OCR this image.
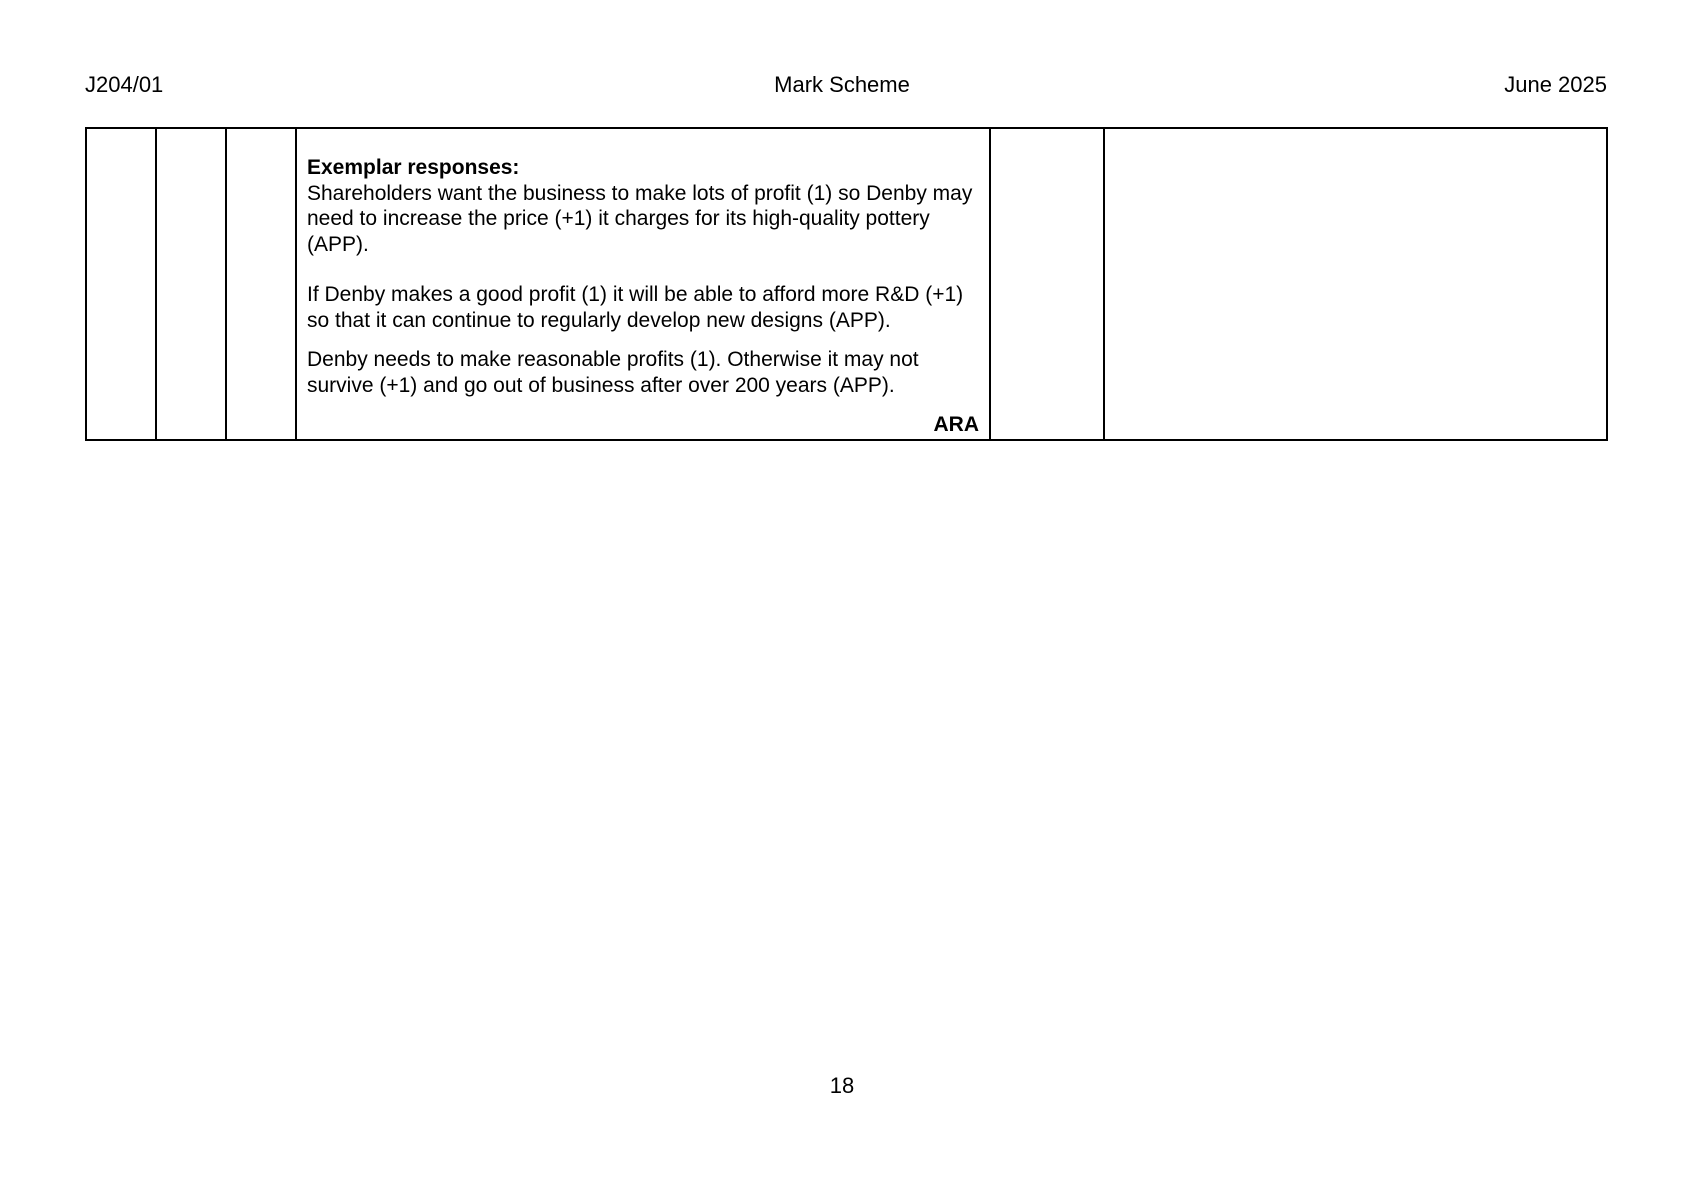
J204/01	Mark Scheme	June 2025

Exemplar responses:

Shareholders want the business to make lots of profit (1) so Denby may need to increase the price (+1) it charges for its high-quality pottery (APP).

If Denby makes a good profit (1) it will be able to afford more R&D (+1) so that it can continue to regularly develop new designs (APP).

Denby needs to make reasonable profits (1). Otherwise it may not survive (+1) and go out of business after over 200 years (APP).

ARA

18
